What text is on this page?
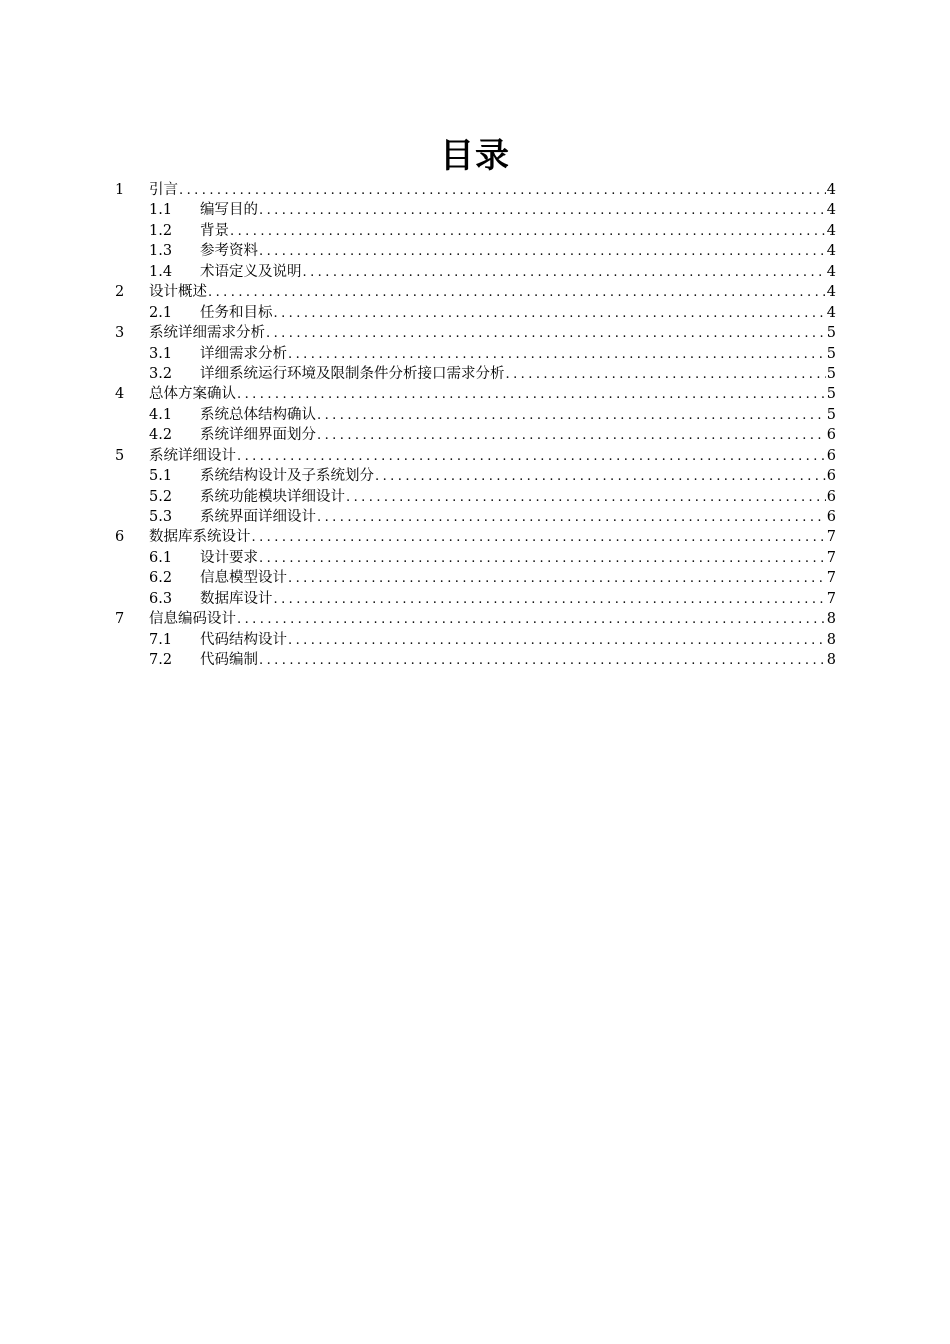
目录
1	引言 .....	4
1.1	编写目的 .....	4
1.2	背景 .....	4
1.3	参考资料 .....	4
1.4	术语定义及说明 .....	4
2	设计概述 .....	4
2.1	任务和目标 .....	4
3	系统详细需求分析 .....	5
3.1	详细需求分析 .....	5
3.2	详细系统运行环境及限制条件分析接口需求分析 .....	5
4	总体方案确认 .....	5
4.1	系统总体结构确认 .....	5
4.2	系统详细界面划分 .....	6
5	系统详细设计 .....	6
5.1	系统结构设计及子系统划分 .....	6
5.2	系统功能模块详细设计 .....	6
5.3	系统界面详细设计 .....	6
6	数据库系统设计 .....	7
6.1	设计要求 .....	7
6.2	信息模型设计 .....	7
6.3	数据库设计 .....	7
7	信息编码设计 .....	8
7.1	代码结构设计 .....	8
7.2	代码编制 .....	8
